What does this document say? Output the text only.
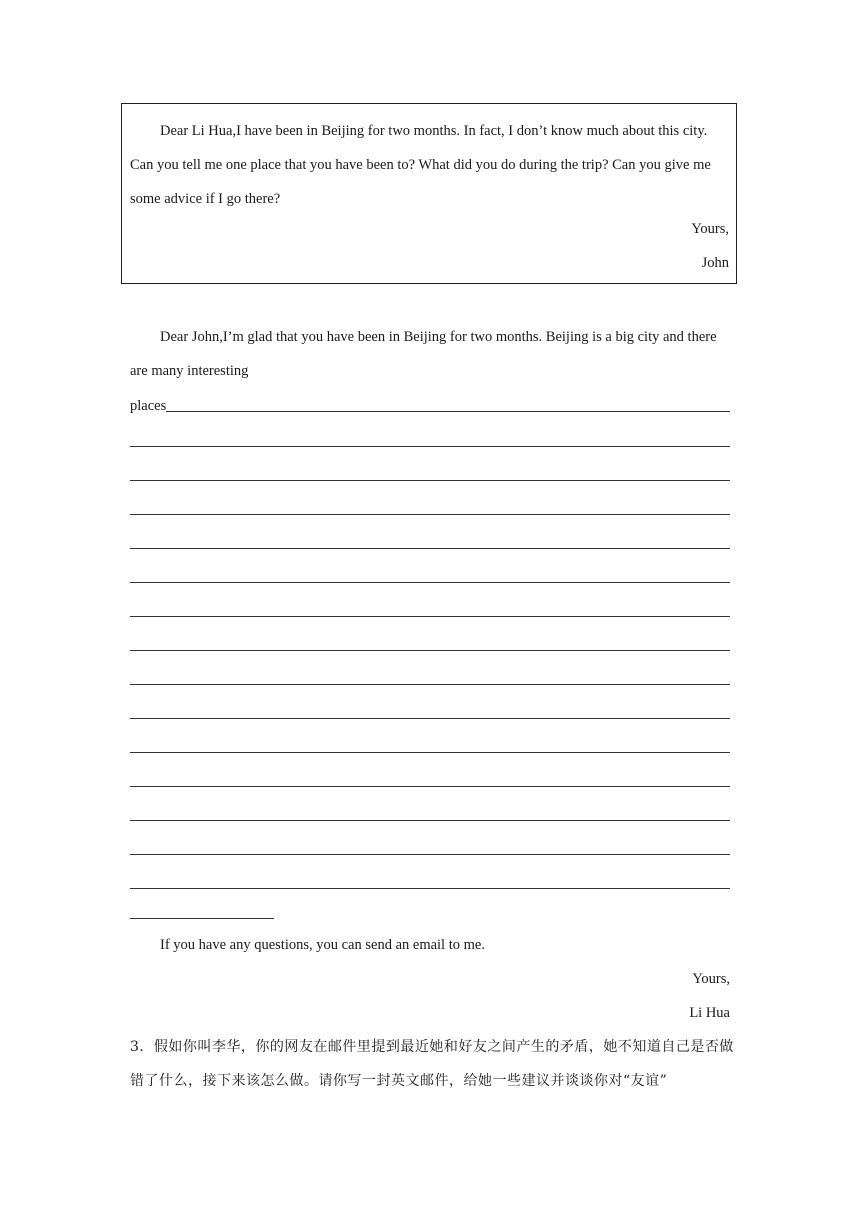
Dear Li Hua,I have been in Beijing for two months. In fact, I don’t know much about this city. Can you tell me one place that you have been to? What did you do during the trip? Can you give me some advice if I go there?

Yours,

John

Dear John,I’m glad that you have been in Beijing for two months. Beijing is a big city and there are many interesting

places

If you have any questions, you can send an email to me.

Yours,

Li Hua

3．假如你叫李华，你的网友在邮件里提到最近她和好友之间产生的矛盾，她不知道自己是否做错了什么，接下来该怎么做。请你写一封英文邮件，给她一些建议并谈谈你对“友谊”
